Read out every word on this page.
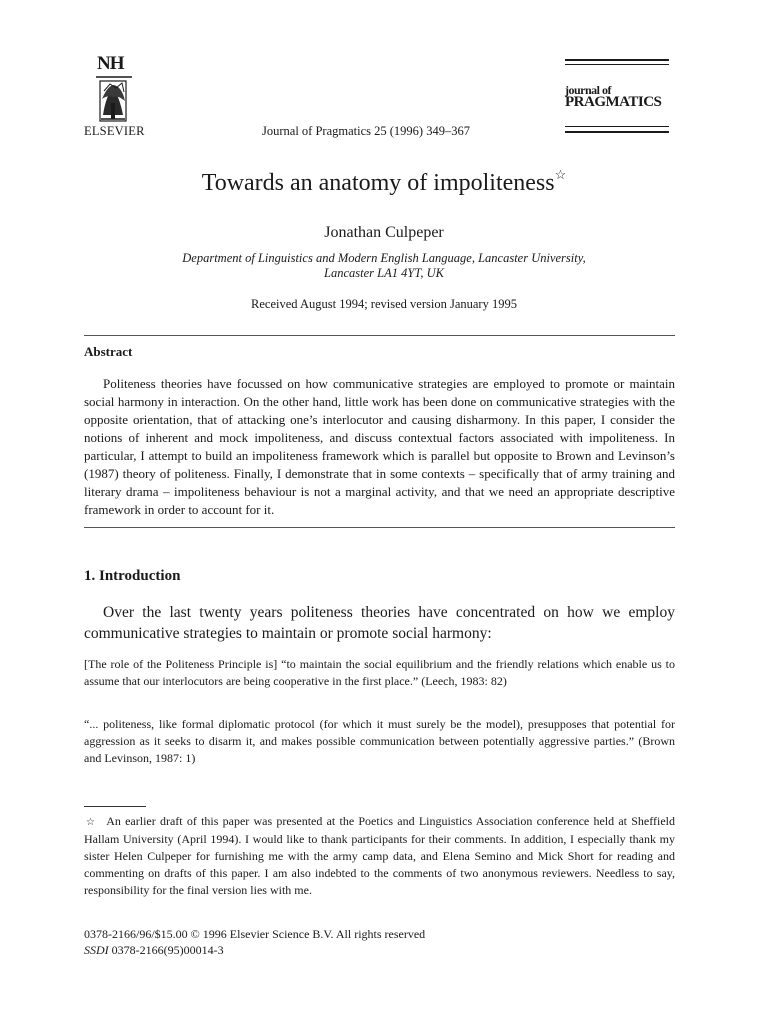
NH
ELSEVIER	Journal of Pragmatics 25 (1996) 349–367
journal of
PRAGMATICS
Towards an anatomy of impoliteness☆
Jonathan Culpeper
Department of Linguistics and Modern English Language, Lancaster University,
Lancaster LA1 4YT, UK
Received August 1994; revised version January 1995
Abstract
Politeness theories have focussed on how communicative strategies are employed to promote or maintain social harmony in interaction. On the other hand, little work has been done on communicative strategies with the opposite orientation, that of attacking one’s interlocutor and causing disharmony. In this paper, I consider the notions of inherent and mock impoliteness, and discuss contextual factors associated with impoliteness. In particular, I attempt to build an impoliteness framework which is parallel but opposite to Brown and Levinson’s (1987) theory of politeness. Finally, I demonstrate that in some contexts – specifically that of army training and literary drama – impoliteness behaviour is not a marginal activity, and that we need an appropriate descriptive framework in order to account for it.
1. Introduction
Over the last twenty years politeness theories have concentrated on how we employ communicative strategies to maintain or promote social harmony:
[The role of the Politeness Principle is] “to maintain the social equilibrium and the friendly relations which enable us to assume that our interlocutors are being cooperative in the first place.” (Leech, 1983: 82)
“... politeness, like formal diplomatic protocol (for which it must surely be the model), presupposes that potential for aggression as it seeks to disarm it, and makes possible communication between potentially aggressive parties.” (Brown and Levinson, 1987: 1)
☆ An earlier draft of this paper was presented at the Poetics and Linguistics Association conference held at Sheffield Hallam University (April 1994). I would like to thank participants for their comments. In addition, I especially thank my sister Helen Culpeper for furnishing me with the army camp data, and Elena Semino and Mick Short for reading and commenting on drafts of this paper. I am also indebted to the comments of two anonymous reviewers. Needless to say, responsibility for the final version lies with me.
0378-2166/96/$15.00 © 1996 Elsevier Science B.V. All rights reserved
SSDI 0378-2166(95)00014-3
